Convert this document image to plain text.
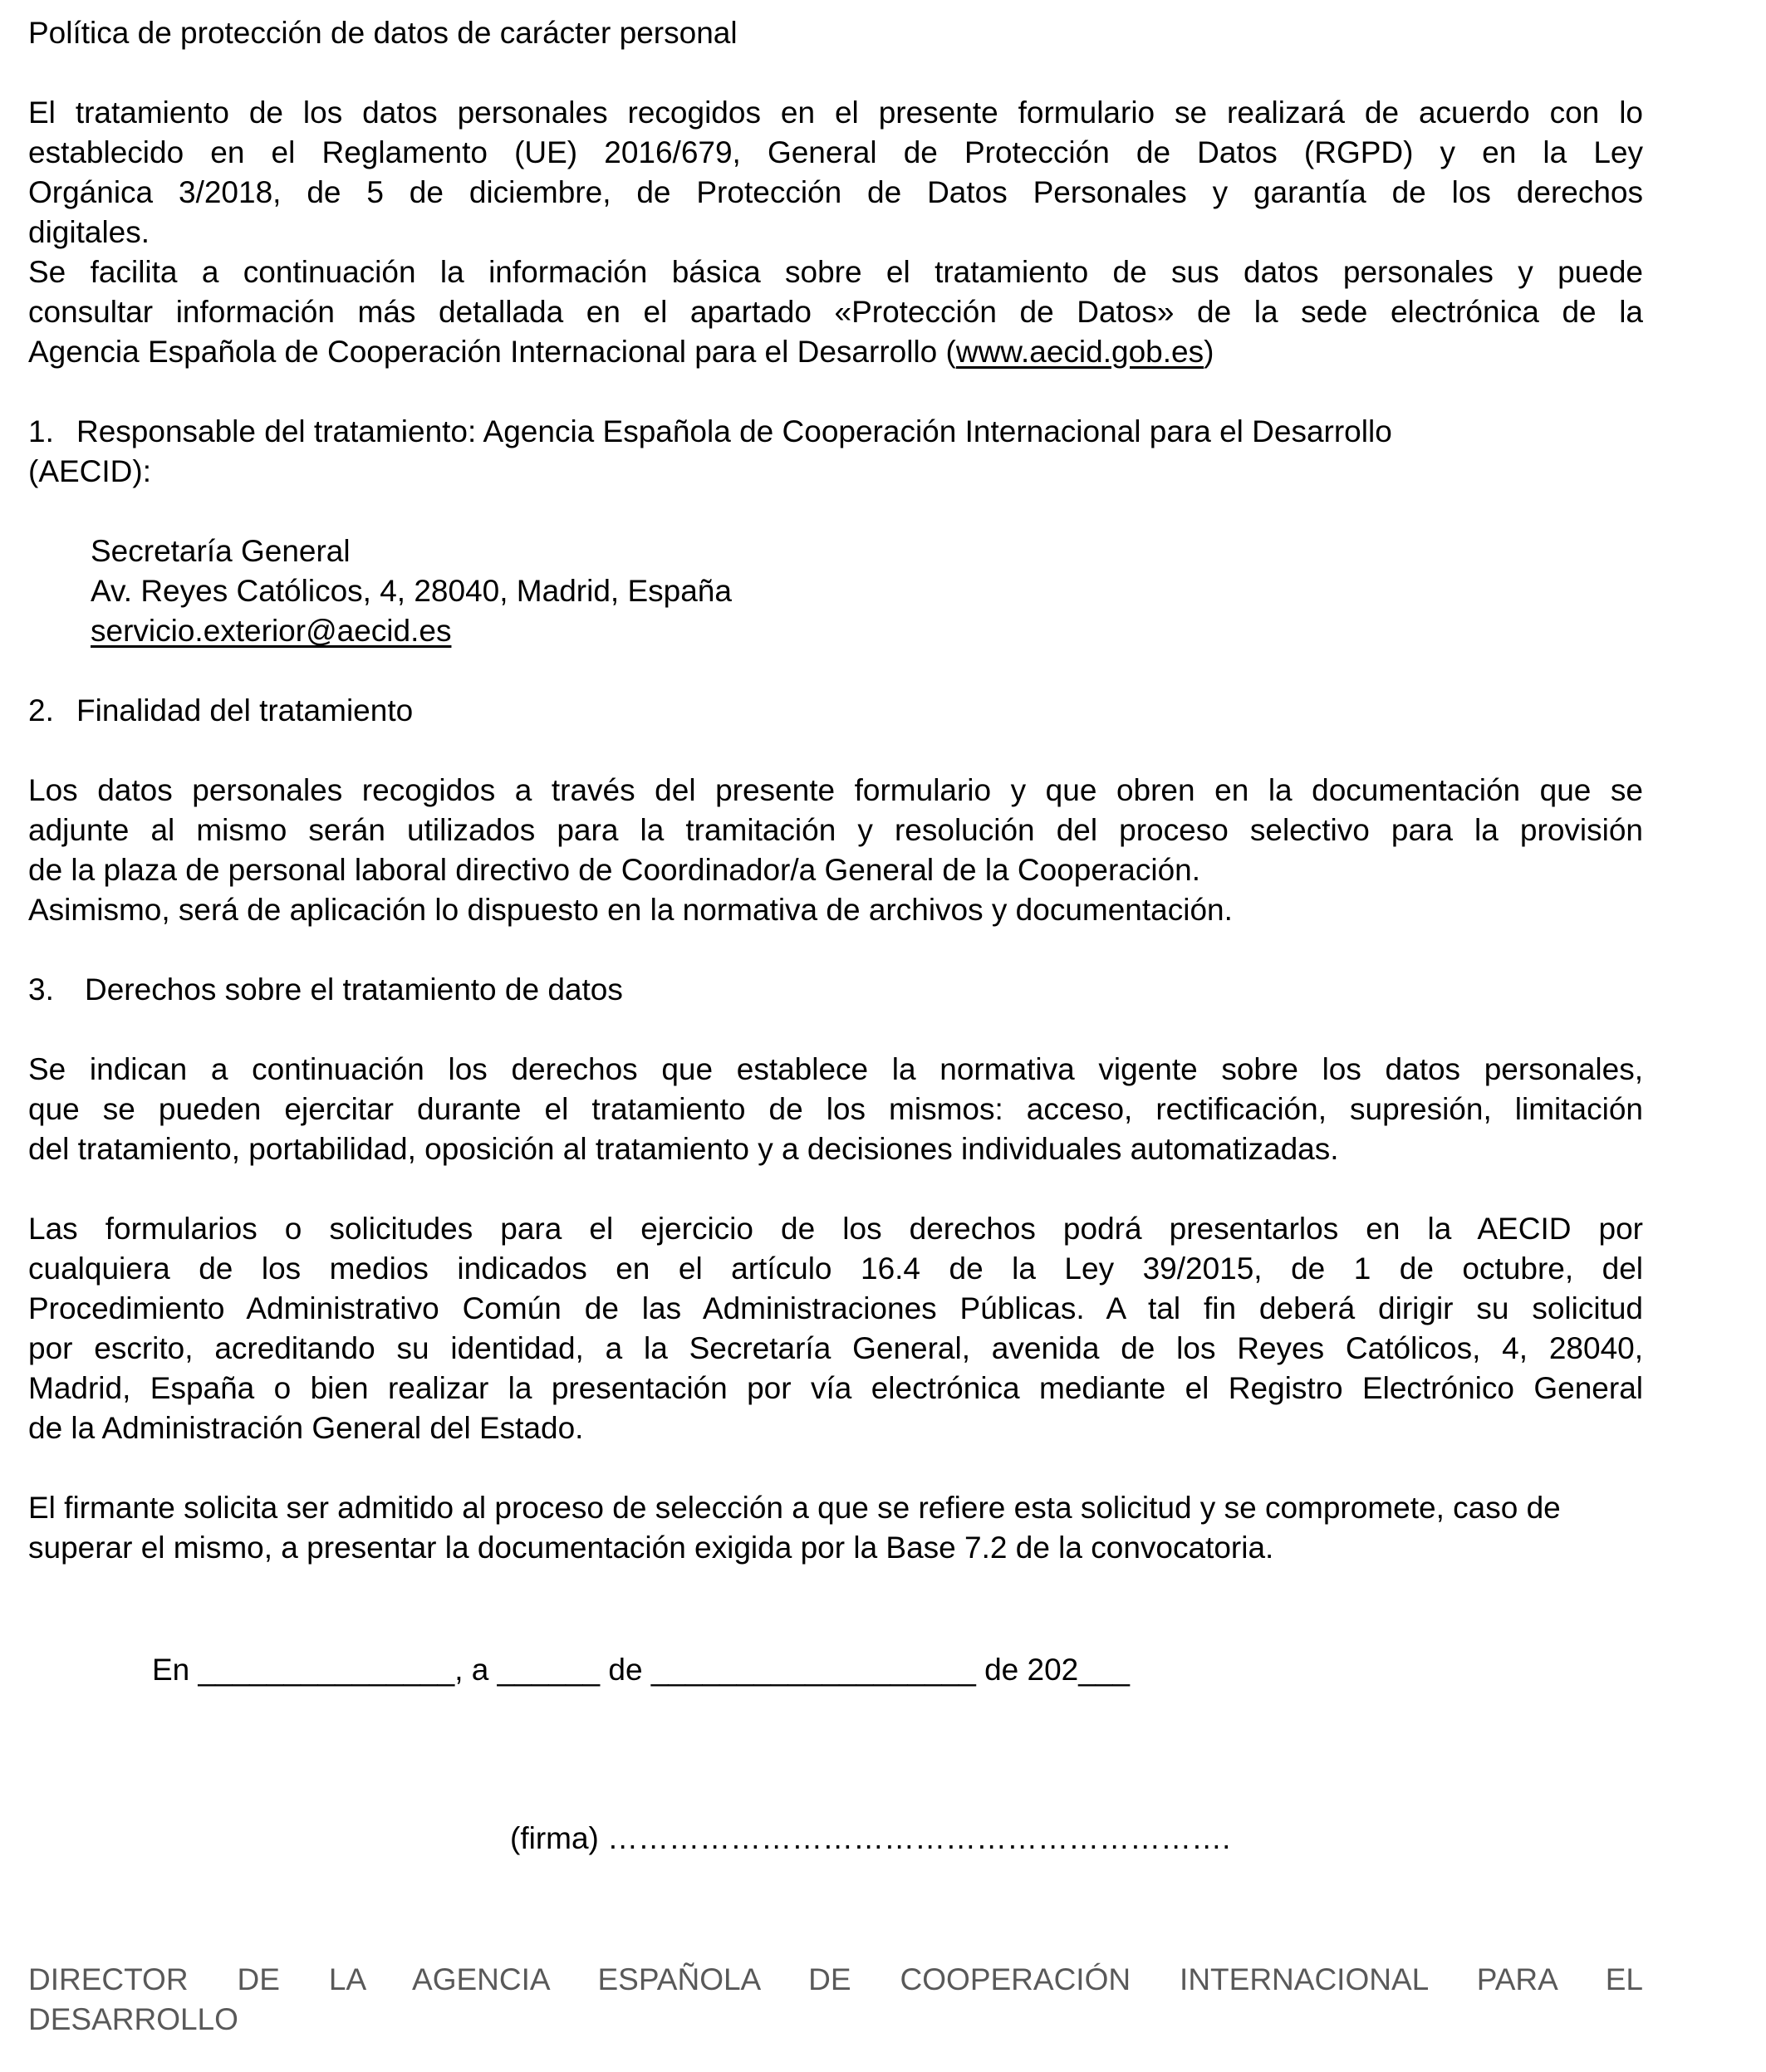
Política de protección de datos de carácter personal
El tratamiento de los datos personales recogidos en el presente formulario se realizará de acuerdo con lo
establecido en el Reglamento (UE) 2016/679, General de Protección de Datos (RGPD) y en la Ley
Orgánica 3/2018, de 5 de diciembre, de Protección de Datos Personales y garantía de los derechos
digitales.
Se facilita a continuación la información básica sobre el tratamiento de sus datos personales y puede
consultar información más detallada en el apartado «Protección de Datos» de la sede electrónica de la
Agencia Española de Cooperación Internacional para el Desarrollo (www.aecid.gob.es)
1. Responsable del tratamiento: Agencia Española de Cooperación Internacional para el Desarrollo
(AECID):
Secretaría General
Av. Reyes Católicos, 4, 28040, Madrid, España
servicio.exterior@aecid.es
2. Finalidad del tratamiento
Los datos personales recogidos a través del presente formulario y que obren en la documentación que se
adjunte al mismo serán utilizados para la tramitación y resolución del proceso selectivo para la provisión
de la plaza de personal laboral directivo de Coordinador/a General de la Cooperación.
Asimismo, será de aplicación lo dispuesto en la normativa de archivos y documentación.
3. Derechos sobre el tratamiento de datos
Se indican a continuación los derechos que establece la normativa vigente sobre los datos personales,
que se pueden ejercitar durante el tratamiento de los mismos: acceso, rectificación, supresión, limitación
del tratamiento, portabilidad, oposición al tratamiento y a decisiones individuales automatizadas.
Las formularios o solicitudes para el ejercicio de los derechos podrá presentarlos en la AECID por
cualquiera de los medios indicados en el artículo 16.4 de la Ley 39/2015, de 1 de octubre, del
Procedimiento Administrativo Común de las Administraciones Públicas. A tal fin deberá dirigir su solicitud
por escrito, acreditando su identidad, a la Secretaría General, avenida de los Reyes Católicos, 4, 28040,
Madrid, España o bien realizar la presentación por vía electrónica mediante el Registro Electrónico General
de la Administración General del Estado.
El firmante solicita ser admitido al proceso de selección a que se refiere esta solicitud y se compromete, caso de
superar el mismo, a presentar la documentación exigida por la Base 7.2 de la convocatoria.
En _______________, a ______ de ___________________ de 202___
(firma) …………………………………………………….
DIRECTOR DE LA AGENCIA ESPAÑOLA DE COOPERACIÓN INTERNACIONAL PARA EL
DESARROLLO
